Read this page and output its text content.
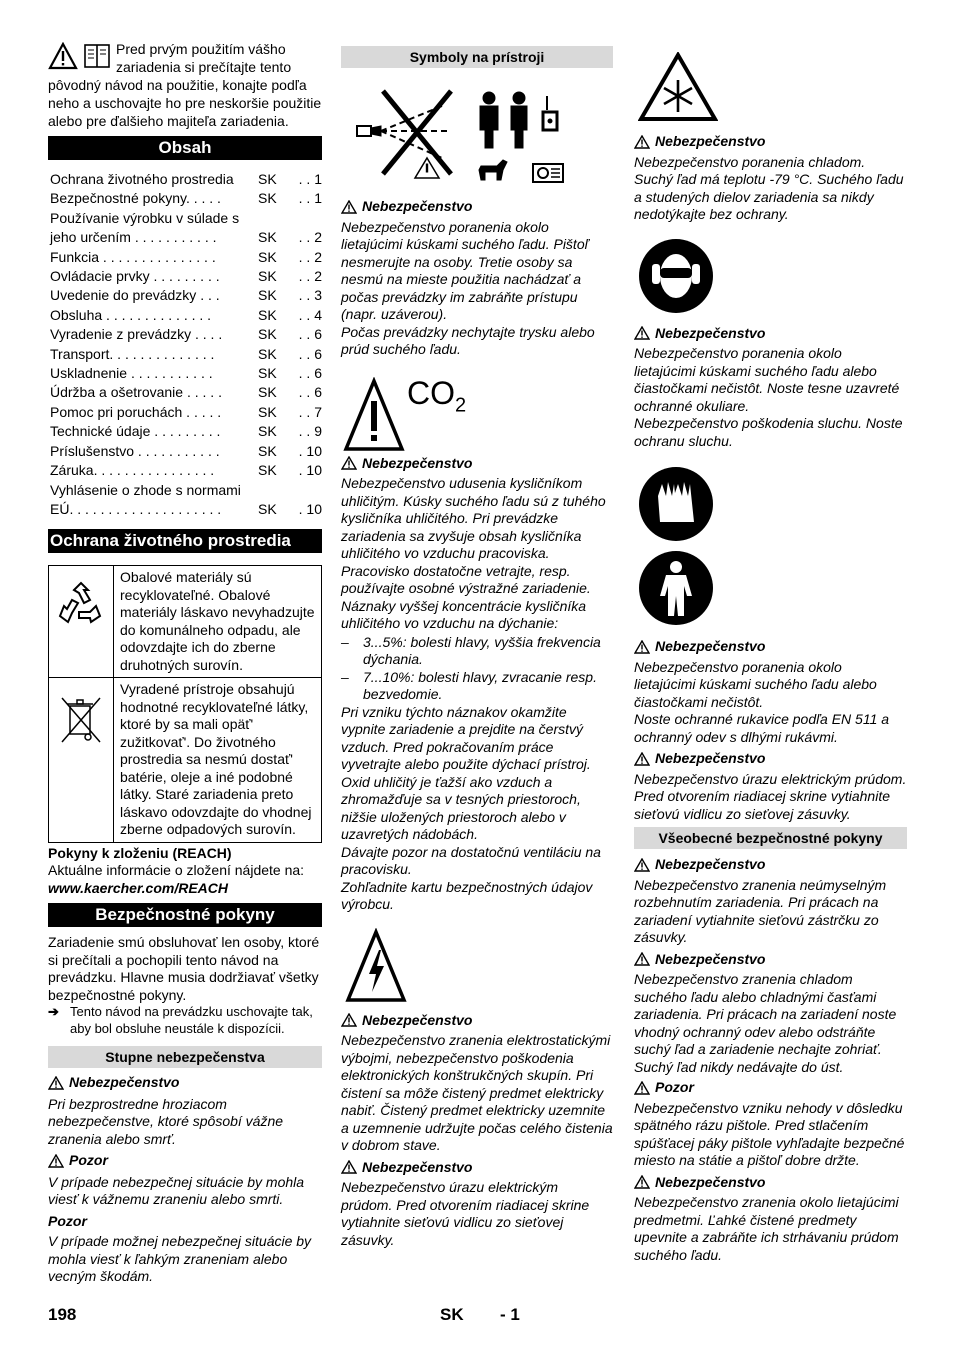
Pred prvým použitím vášho zariadenia si prečítajte tento pôvodný návod na použitie, konajte podľa neho a uschovajte ho pre neskoršie použitie alebo pre ďalšieho majiteľa zariadenia.

Obsah
Ochrana životného prostredia	SK	. . 1
Bezpečnostné pokyny. . . . .	SK	. . 1
Používanie výrobku v súlade s jeho určením . . . . . . . . . . .	SK	. . 2
Funkcia . . . . . . . . . . . . . . .	SK	. . 2
Ovládacie prvky . . . . . . . . .	SK	. . 2
Uvedenie do prevádzky . . .	SK	. . 3
Obsluha . . . . . . . . . . . . . .	SK	. . 4
Vyradenie z prevádzky . . . .	SK	. . 6
Transport. . . . . . . . . . . . . .	SK	. . 6
Uskladnenie . . . . . . . . . . .	SK	. . 6
Údržba a ošetrovanie . . . . .	SK	. . 6
Pomoc pri poruchách . . . . .	SK	. . 7
Technické údaje . . . . . . . . .	SK	. . 9
Príslušenstvo . . . . . . . . . . .	SK	. 10
Záruka. . . . . . . . . . . . . . . .	SK	. 10
Vyhlásenie o zhode s normami EÚ. . . . . . . . . . . . . . . . . . . .	SK	. 10
Ochrana životného prostredia
	Obalové materiály sú recyklovateľné. Obalové materiály láskavo nevyhadzujte do komunálneho odpadu, ale odovzdajte ich do zberne druhotných surovín.
	Vyradené prístroje obsahujú hodnotné recyklovateľné látky, ktoré by sa mali opäť' zužitkovať'. Do životného prostredia sa nesmú dostať' batérie, oleje a iné podobné látky. Staré zariadenia preto láskavo odovzdajte do vhodnej zberne odpadových surovín.

Pokyny k zloženiu (REACH)

Aktuálne informácie o zložení nájdete na:

www.kaercher.com/REACH

Bezpečnostné pokyny

Zariadenie smú obsluhovať len osoby, ktoré si prečítali a pochopili tento návod na prevádzku. Hlavne musia dodržiavať všetky bezpečnostné pokyny.

➔ Tento návod na prevádzku uschovajte tak, aby bol obsluhe neustále k dispozícii.
Stupne nebezpečenstva

Nebezpečenstvo

Pri bezprostredne hroziacom nebezpečenstve, ktoré spôsobí vážne zranenia alebo smrť.

Pozor

V prípade nebezpečnej situácie by mohla viesť k vážnemu zraneniu alebo smrti.

Pozor

V prípade možnej nebezpečnej situácie by mohla viesť k ľahkým zraneniam alebo vecným škodám.

Symboly na prístroji

Nebezpečenstvo

Nebezpečenstvo poranenia okolo lietajúcimi kúskami suchého ľadu. Pištoľ nesmerujte na osoby. Tretie osoby sa nesmú na mieste použitia nachádzať a počas prevádzky im zabráňte prístupu (napr. uzáverou).

Počas prevádzky nechytajte trysku alebo prúd suchého ľadu.

$CO_2$

Nebezpečenstvo

Nebezpečenstvo udusenia kysličníkom uhličitým. Kúsky suchého ľadu sú z tuhého kysličníka uhličitého. Pri prevádzke zariadenia sa zvyšuje obsah kysličníka uhličitého vo vzduchu pracoviska. Pracovisko dostatočne vetrajte, resp. používajte osobné výstražné zariadenie. Náznaky vyššej koncentrácie kysličníka uhličitého vo vzduchu na dýchanie:

– 3...5%: bolesti hlavy, vyššia frekvencia dýchania.
– 7...10%: bolesti hlavy, zvracanie resp. bezvedomie.

Pri vzniku týchto náznakov okamžite vypnite zariadenie a prejdite na čerstvý vzduch. Pred pokračovaním práce vyvetrajte alebo použite dýchací prístroj.

Oxid uhličitý je ťažší ako vzduch a zhromažďuje sa v tesných priestoroch, nižšie uložených priestoroch alebo v uzavretých nádobách.

Dávajte pozor na dostatočnú ventiláciu na pracovisku.

Zohľadnite kartu bezpečnostných údajov výrobcu.

Nebezpečenstvo

Nebezpečenstvo zranenia elektrostatickými výbojmi, nebezpečenstvo poškodenia elektronických konštrukčných skupín. Pri čistení sa môže čistený predmet elektricky nabiť. Čistený predmet elektricky uzemnite a uzemnenie udržujte počas celého čistenia v dobrom stave.

Nebezpečenstvo

Nebezpečenstvo úrazu elektrickým prúdom. Pred otvorením riadiacej skrine vytiahnite sieťovú vidlicu zo sieťovej zásuvky.

Nebezpečenstvo

Nebezpečenstvo poranenia chladom. Suchý ľad má teplotu -79 °C. Suchého ľadu a studených dielov zariadenia sa nikdy nedotýkajte bez ochrany.

Nebezpečenstvo

Nebezpečenstvo poranenia okolo lietajúcimi kúskami suchého ľadu alebo čiastočkami nečistôt. Noste tesne uzavreté ochranné okuliare.

Nebezpečenstvo poškodenia sluchu. Noste ochranu sluchu.

Nebezpečenstvo

Nebezpečenstvo poranenia okolo lietajúcimi kúskami suchého ľadu alebo čiastočkami nečistôt.

Noste ochranné rukavice podľa EN 511 a ochranný odev s dlhými rukávmi.

Nebezpečenstvo

Nebezpečenstvo úrazu elektrickým prúdom. Pred otvorením riadiacej skrine vytiahnite sieťovú vidlicu zo sieťovej zásuvky.

Všeobecné bezpečnostné pokyny

Nebezpečenstvo

Nebezpečenstvo zranenia neúmyselným rozbehnutím zariadenia. Pri prácach na zariadení vytiahnite sieťovú zástrčku zo zásuvky.

Nebezpečenstvo

Nebezpečenstvo zranenia chladom suchého ľadu alebo chladnými časťami zariadenia. Pri prácach na zariadení noste vhodný ochranný odev alebo odstráňte suchý ľad a zariadenie nechajte zohriať.

Suchý ľad nikdy nedávajte do úst.

Pozor

Nebezpečenstvo vzniku nehody v dôsledku spätného rázu pištole. Pred stlačením spúšťacej páky pištole vyhľadajte bezpečné miesto na státie a pištoľ dobre držte.

Nebezpečenstvo

Nebezpečenstvo zranenia okolo lietajúcimi predmetmi. Ľahké čistené predmety upevnite a zabráňte ich strhávaniu prúdom suchého ľadu.

198	SK - 1
